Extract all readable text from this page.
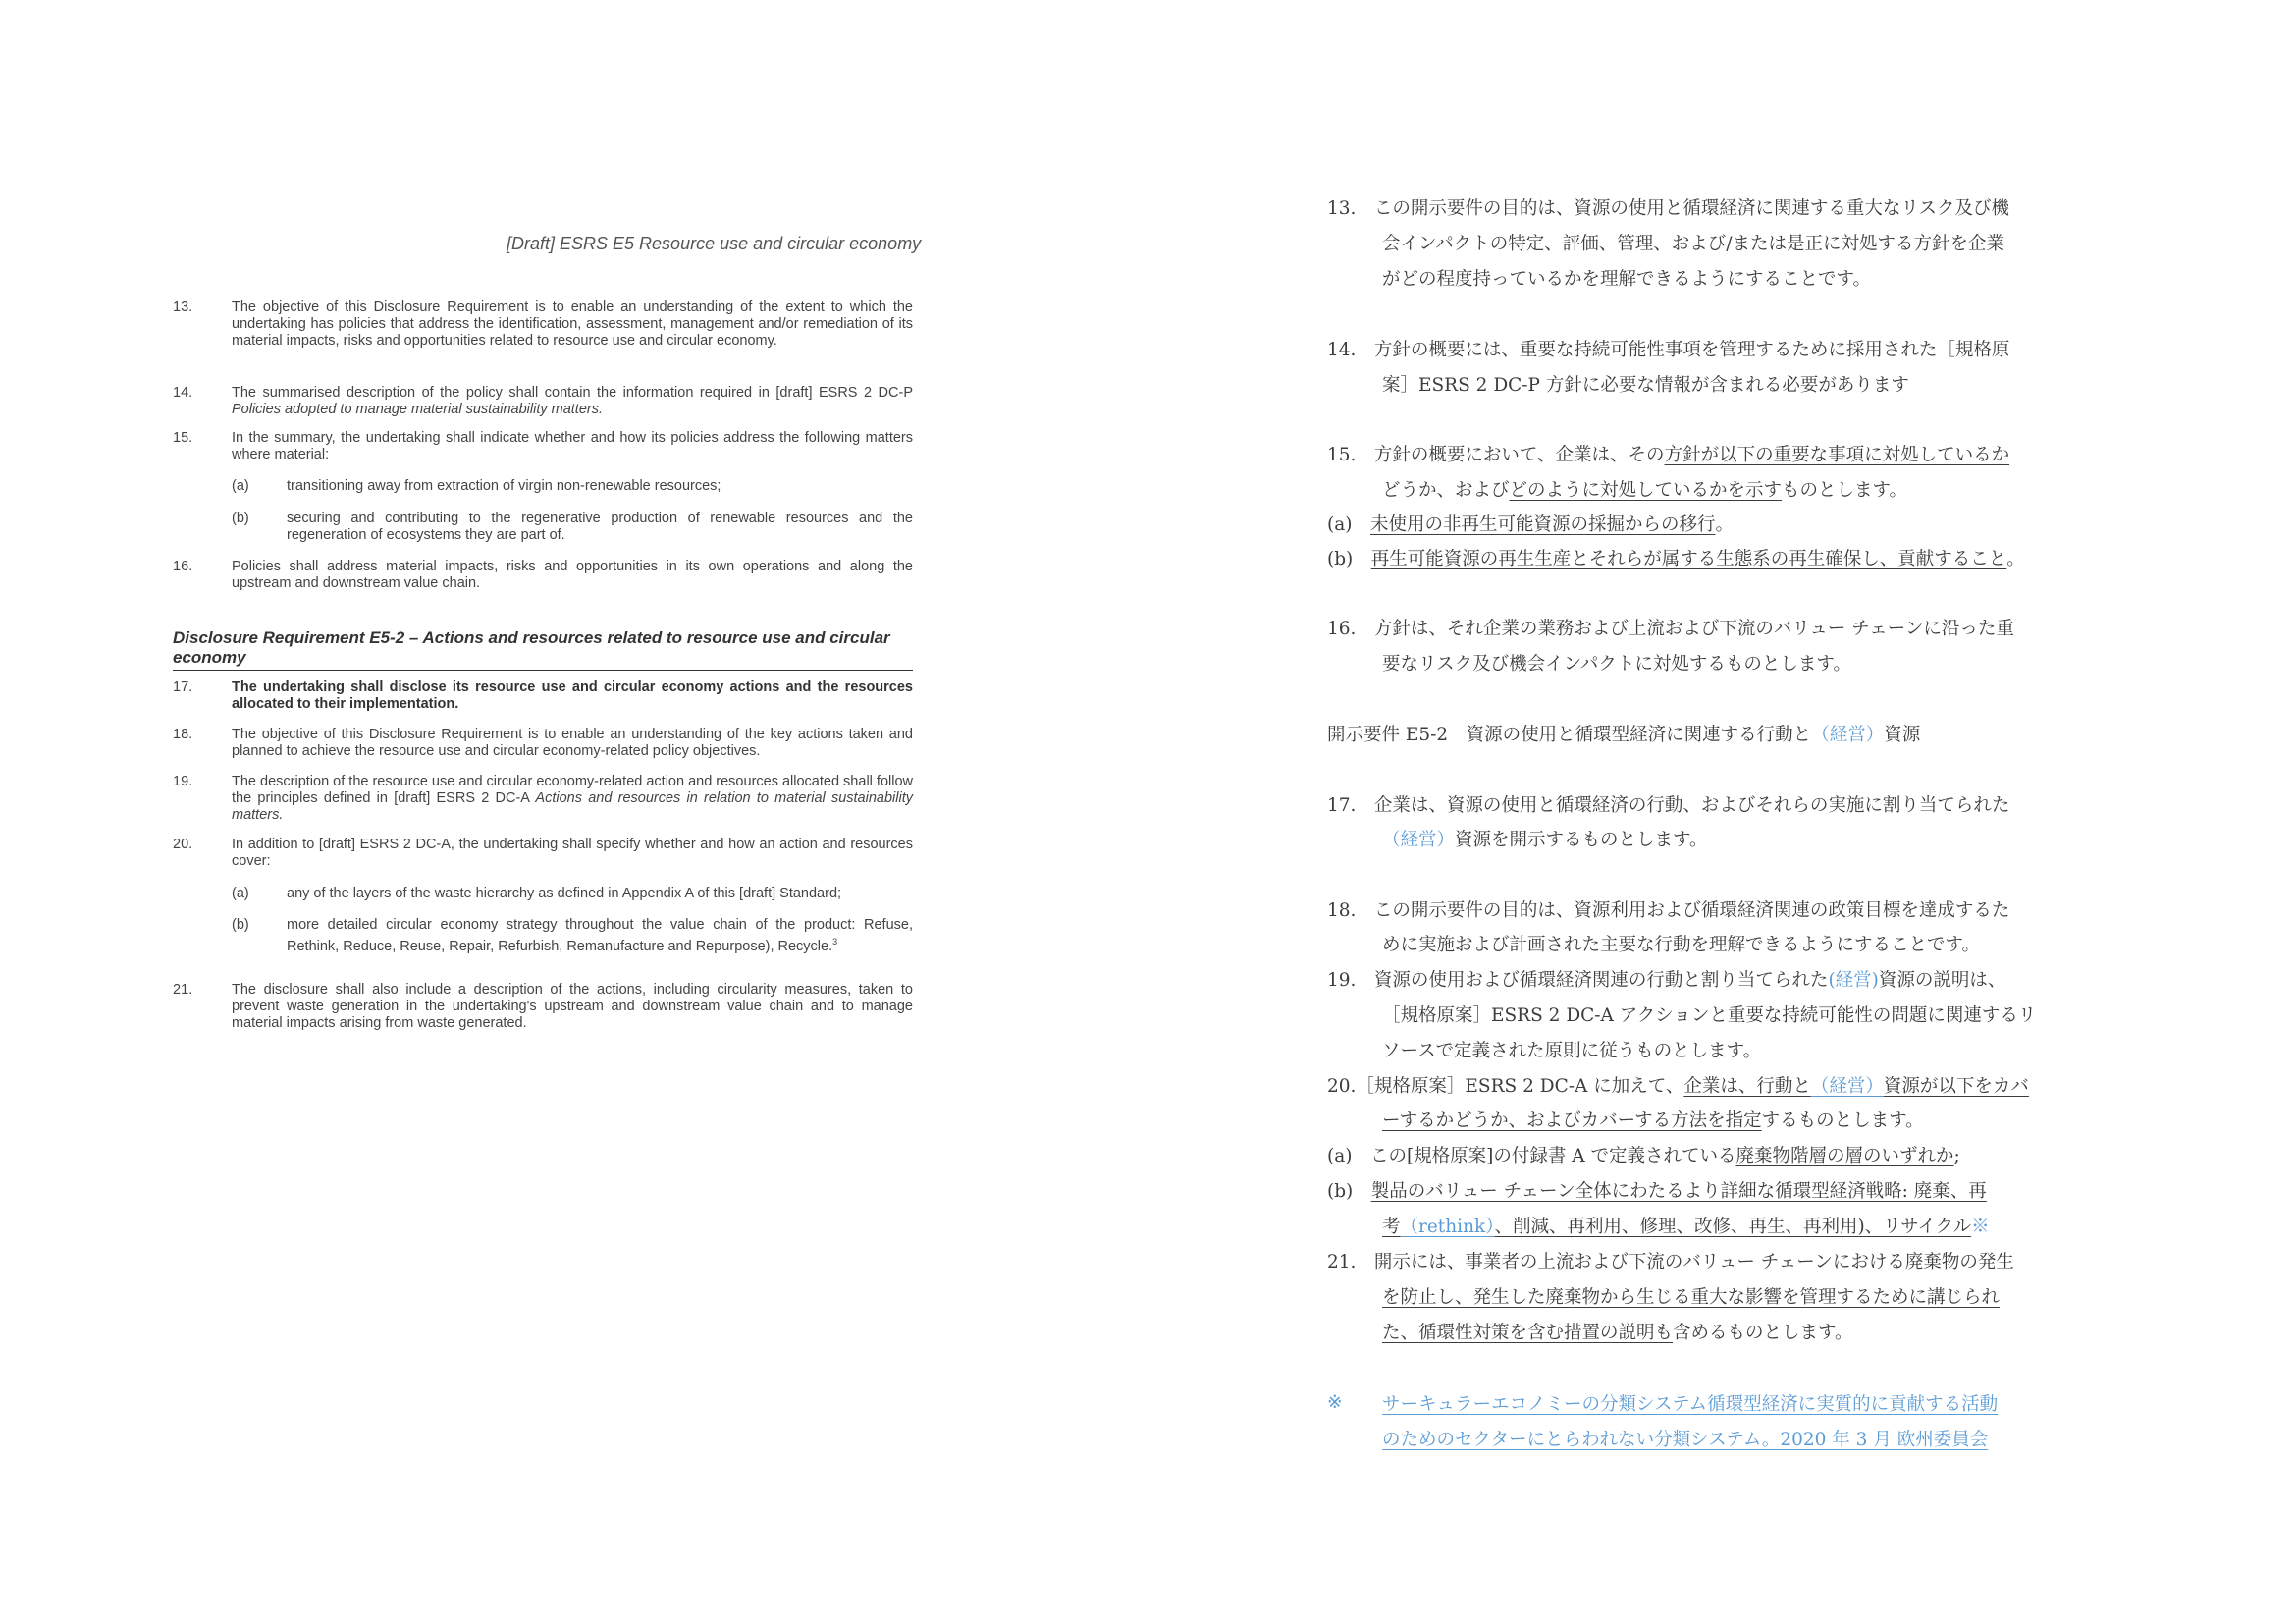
[Draft] ESRS E5 Resource use and circular economy
13.	The objective of this Disclosure Requirement is to enable an understanding of the extent to which the undertaking has policies that address the identification, assessment, management and/or remediation of its material impacts, risks and opportunities related to resource use and circular economy.
14.	The summarised description of the policy shall contain the information required in [draft] ESRS 2 DC-P Policies adopted to manage material sustainability matters.
15.	In the summary, the undertaking shall indicate whether and how its policies address the following matters where material:
(a)	transitioning away from extraction of virgin non-renewable resources;
(b)	securing and contributing to the regenerative production of renewable resources and the regeneration of ecosystems they are part of.
16.	Policies shall address material impacts, risks and opportunities in its own operations and along the upstream and downstream value chain.
Disclosure Requirement E5-2 – Actions and resources related to resource use and circular economy
17.	The undertaking shall disclose its resource use and circular economy actions and the resources allocated to their implementation.
18.	The objective of this Disclosure Requirement is to enable an understanding of the key actions taken and planned to achieve the resource use and circular economy-related policy objectives.
19.	The description of the resource use and circular economy-related action and resources allocated shall follow the principles defined in [draft] ESRS 2 DC-A Actions and resources in relation to material sustainability matters.
20.	In addition to [draft] ESRS 2 DC-A, the undertaking shall specify whether and how an action and resources cover:
(a)	any of the layers of the waste hierarchy as defined in Appendix A of this [draft] Standard;
(b)	more detailed circular economy strategy throughout the value chain of the product: Refuse, Rethink, Reduce, Reuse, Repair, Refurbish, Remanufacture and Repurpose), Recycle.$^3$
21.	The disclosure shall also include a description of the actions, including circularity measures, taken to prevent waste generation in the undertaking's upstream and downstream value chain and to manage material impacts arising from waste generated.
13.　この開示要件の目的は、資源の使用と循環経済に関連する重大なリスク及び機
会インパクトの特定、評価、管理、および/または是正に対処する方針を企業
がどの程度持っているかを理解できるようにすることです。
14.　方針の概要には、重要な持続可能性事項を管理するために採用された［規格原
案］ESRS 2 DC-P 方針に必要な情報が含まれる必要があります
15.　方針の概要において、企業は、その方針が以下の重要な事項に対処しているか
どうか、およびどのように対処しているかを示すものとします。
(a)　未使用の非再生可能資源の採掘からの移行。
(b)　再生可能資源の再生生産とそれらが属する生態系の再生確保し、貢献すること。
16.　方針は、それ企業の業務および上流および下流のバリュー チェーンに沿った重
要なリスク及び機会インパクトに対処するものとします。
開示要件 E5-2　資源の使用と循環型経済に関連する行動と（経営）資源
17.　企業は、資源の使用と循環経済の行動、およびそれらの実施に割り当てられた
（経営）資源を開示するものとします。
18.　この開示要件の目的は、資源利用および循環経済関連の政策目標を達成するた
めに実施および計画された主要な行動を理解できるようにすることです。
19.　資源の使用および循環経済関連の行動と割り当てられた(経営)資源の説明は、
［規格原案］ESRS 2 DC-A アクションと重要な持続可能性の問題に関連するリ
ソースで定義された原則に従うものとします。
20.［規格原案］ESRS 2 DC-A に加えて、企業は、行動と（経営）資源が以下をカバ
ーするかどうか、およびカバーする方法を指定するものとします。
(a)　この[規格原案]の付録書 A で定義されている廃棄物階層の層のいずれか;
(b)　製品のバリュー チェーン全体にわたるより詳細な循環型経済戦略: 廃棄、再
考（rethink）、削減、再利用、修理、改修、再生、再利用)、リサイクル※
21.　開示には、事業者の上流および下流のバリュー チェーンにおける廃棄物の発生
を防止し、発生した廃棄物から生じる重大な影響を管理するために講じられ
た、循環性対策を含む措置の説明も含めるものとします。
※ サーキュラーエコノミーの分類システム循環型経済に実質的に貢献する活動
のためのセクターにとらわれない分類システム。2020 年 3 月 欧州委員会
